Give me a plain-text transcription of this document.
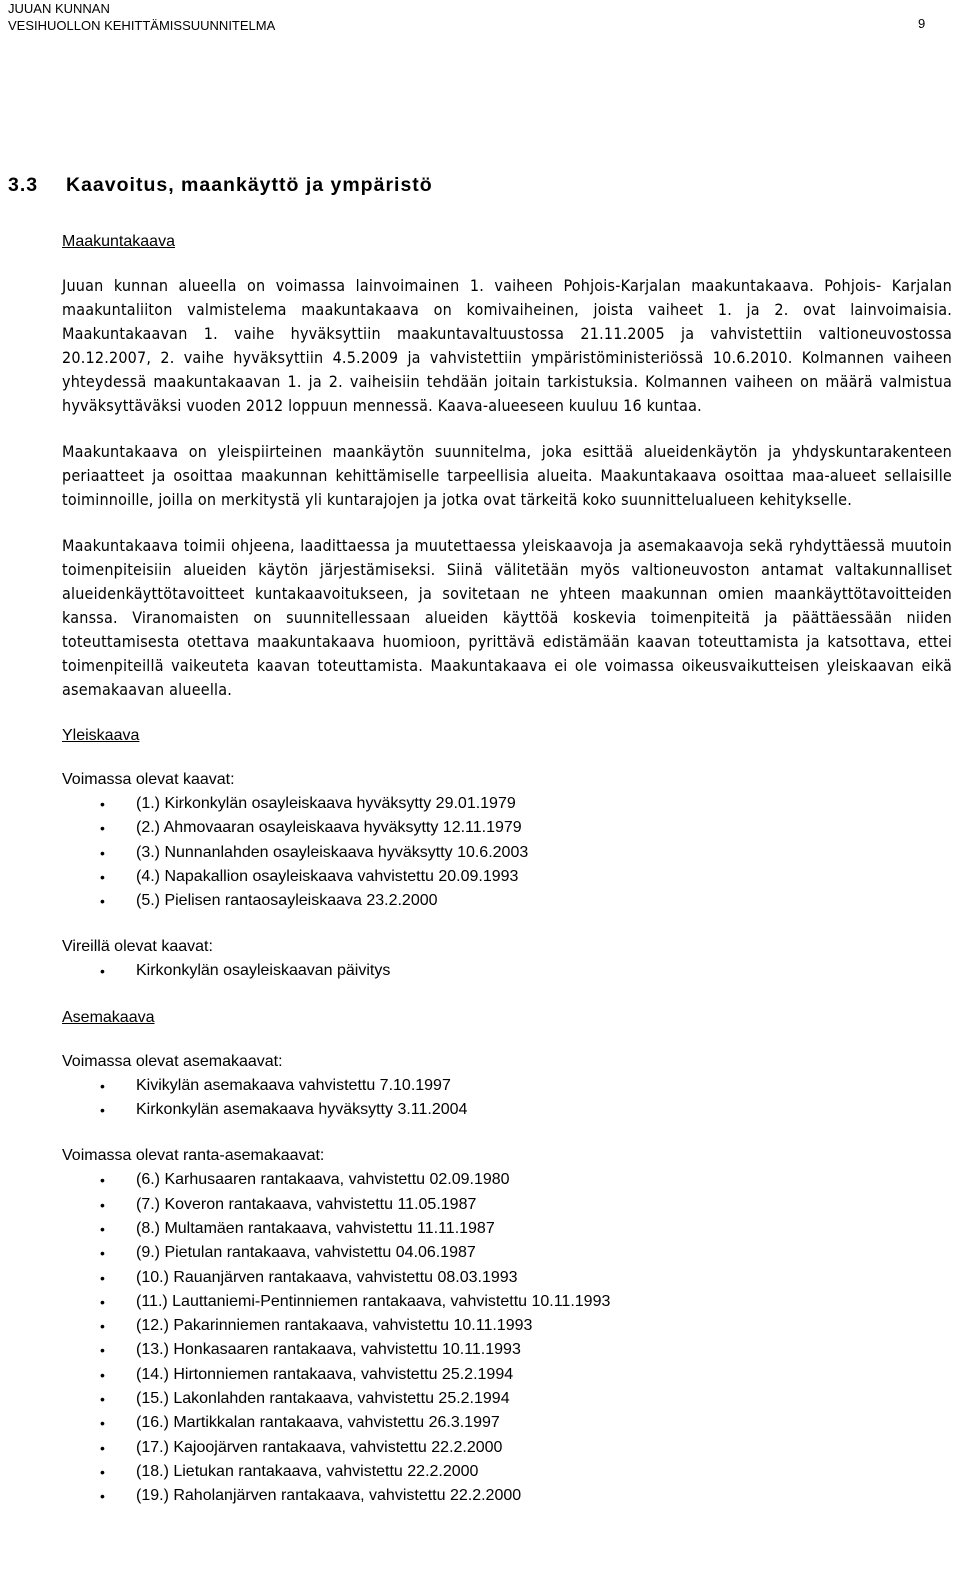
JUUAN KUNNAN
VESIHUOLLON KEHITTÄMISSUUNNITELMA	9
3.3 Kaavoitus, maankäyttö ja ympäristö
Maakuntakaava

Juuan kunnan alueella on voimassa lainvoimainen 1. vaiheen Pohjois-Karjalan maakuntakaava. Pohjois- Karjalan maakuntaliiton valmistelema maakuntakaava on komivaiheinen, joista vaiheet 1. ja 2. ovat lainvoimaisia. Maakuntakaavan 1. vaihe hyväksyttiin maakuntavaltuustossa 21.11.2005 ja vahvistettiin valtioneuvostossa 20.12.2007, 2. vaihe hyväksyttiin 4.5.2009 ja vahvistettiin ympäristöministeriössä 10.6.2010. Kolmannen vaiheen yhteydessä maakuntakaavan 1. ja 2. vaiheisiin tehdään joitain tarkistuksia. Kolmannen vaiheen on määrä valmistua hyväksyttäväksi vuoden 2012 loppuun mennessä. Kaava-alueeseen kuuluu 16 kuntaa.

Maakuntakaava on yleispiirteinen maankäytön suunnitelma, joka esittää alueidenkäytön ja yhdyskuntarakenteen periaatteet ja osoittaa maakunnan kehittämiselle tarpeellisia alueita. Maakuntakaava osoittaa maa-alueet sellaisille toiminnoille, joilla on merkitystä yli kuntarajojen ja jotka ovat tärkeitä koko suunnittelualueen kehitykselle.

Maakuntakaava toimii ohjeena, laadittaessa ja muutettaessa yleiskaavoja ja asemakaavoja sekä ryhdyttäessä muutoin toimenpiteisiin alueiden käytön järjestämiseksi. Siinä välitetään myös valtioneuvoston antamat valtakunnalliset alueidenkäyttötavoitteet kuntakaavoitukseen, ja sovitetaan ne yhteen maakunnan omien maankäyttötavoitteiden kanssa. Viranomaisten on suunnitellessaan alueiden käyttöä koskevia toimenpiteitä ja päättäessään niiden toteuttamisesta otettava maakuntakaava huomioon, pyrittävä edistämään kaavan toteuttamista ja katsottava, ettei toimenpiteillä vaikeuteta kaavan toteuttamista. Maakuntakaava ei ole voimassa oikeusvaikutteisen yleiskaavan eikä asemakaavan alueella.

Yleiskaava
Voimassa olevat kaavat:
• (1.) Kirkonkylän osayleiskaava hyväksytty 29.01.1979
• (2.) Ahmovaaran osayleiskaava hyväksytty 12.11.1979
• (3.) Nunnanlahden osayleiskaava hyväksytty 10.6.2003
• (4.) Napakallion osayleiskaava vahvistettu 20.09.1993
• (5.) Pielisen rantaosayleiskaava 23.2.2000
Vireillä olevat kaavat:
• Kirkonkylän osayleiskaavan päivitys
Asemakaava
Voimassa olevat asemakaavat:
• Kivikylän asemakaava vahvistettu 7.10.1997
• Kirkonkylän asemakaava hyväksytty 3.11.2004
Voimassa olevat ranta-asemakaavat:
• (6.) Karhusaaren rantakaava, vahvistettu 02.09.1980
• (7.) Koveron rantakaava, vahvistettu 11.05.1987
• (8.) Multamäen rantakaava, vahvistettu 11.11.1987
• (9.) Pietulan rantakaava, vahvistettu 04.06.1987
• (10.) Rauanjärven rantakaava, vahvistettu 08.03.1993
• (11.) Lauttaniemi-Pentinniemen rantakaava, vahvistettu 10.11.1993
• (12.) Pakarinniemen rantakaava, vahvistettu 10.11.1993
• (13.) Honkasaaren rantakaava, vahvistettu 10.11.1993
• (14.) Hirtonniemen rantakaava, vahvistettu 25.2.1994
• (15.) Lakonlahden rantakaava, vahvistettu 25.2.1994
• (16.) Martikkalan rantakaava, vahvistettu 26.3.1997
• (17.) Kajoojärven rantakaava, vahvistettu 22.2.2000
• (18.) Lietukan rantakaava, vahvistettu 22.2.2000
• (19.) Raholanjärven rantakaava, vahvistettu 22.2.2000
